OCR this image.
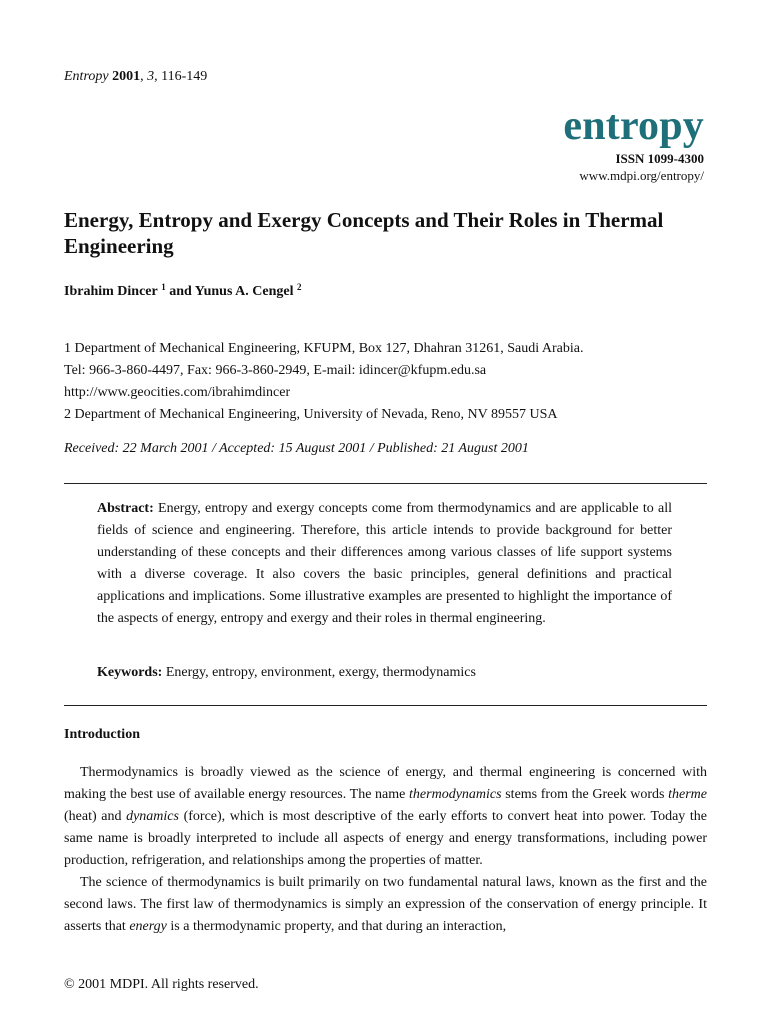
Entropy 2001, 3, 116-149
entropy
ISSN 1099-4300
www.mdpi.org/entropy/
Energy, Entropy and Exergy Concepts and Their Roles in Thermal Engineering
Ibrahim Dincer $^1$ and Yunus A. Cengel $^2$
1 Department of Mechanical Engineering, KFUPM, Box 127, Dhahran 31261, Saudi Arabia.
Tel: 966-3-860-4497, Fax: 966-3-860-2949, E-mail: idincer@kfupm.edu.sa
http://www.geocities.com/ibrahimdincer
2 Department of Mechanical Engineering, University of Nevada, Reno, NV 89557 USA
Received: 22 March 2001 / Accepted: 15 August 2001 / Published: 21 August 2001
Abstract: Energy, entropy and exergy concepts come from thermodynamics and are applicable to all fields of science and engineering. Therefore, this article intends to provide background for better understanding of these concepts and their differences among various classes of life support systems with a diverse coverage. It also covers the basic principles, general definitions and practical applications and implications. Some illustrative examples are presented to highlight the importance of the aspects of energy, entropy and exergy and their roles in thermal engineering.
Keywords: Energy, entropy, environment, exergy, thermodynamics
Introduction

Thermodynamics is broadly viewed as the science of energy, and thermal engineering is concerned with making the best use of available energy resources. The name thermodynamics stems from the Greek words therme (heat) and dynamics (force), which is most descriptive of the early efforts to convert heat into power. Today the same name is broadly interpreted to include all aspects of energy and energy transformations, including power production, refrigeration, and relationships among the properties of matter.

The science of thermodynamics is built primarily on two fundamental natural laws, known as the first and the second laws. The first law of thermodynamics is simply an expression of the conservation of energy principle. It asserts that energy is a thermodynamic property, and that during an interaction,

© 2001 MDPI. All rights reserved.
